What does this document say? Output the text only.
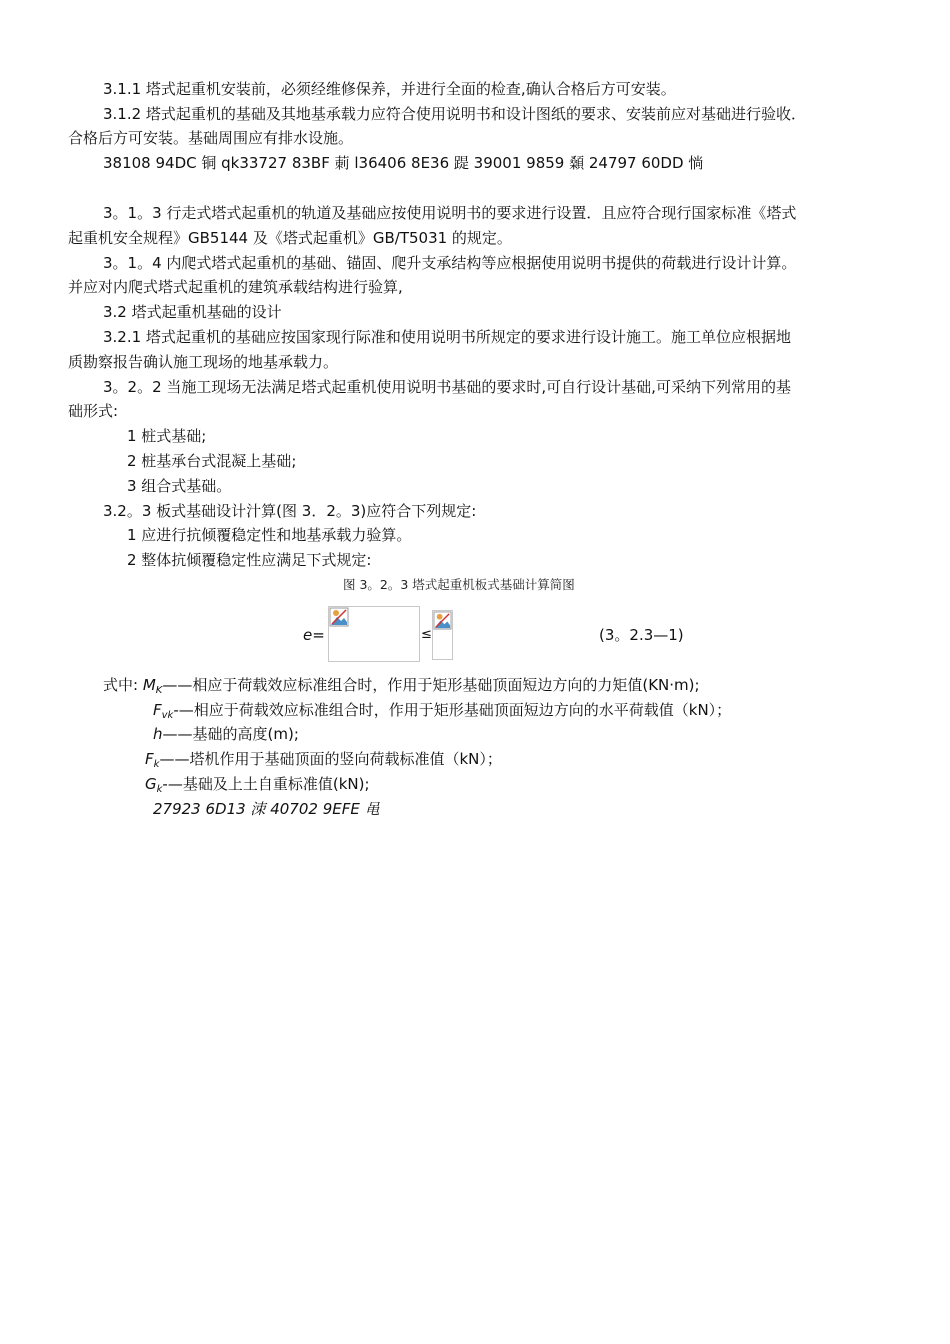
3.1.1 塔式起重机安装前，必须经维修保养，并进行全面的检查,确认合格后方可安装。
3.1.2 塔式起重机的基础及其地基承载力应符合使用说明书和设计图纸的要求、安装前应对基础进行验收．
合格后方可安装。基础周围应有排水设施。
38108 94DC 铜 qk33727 83BF 莿 l36406 8E36 踶 39001 9859 顙 24797 60DD 惝
3。1。3 行走式塔式起重机的轨道及基础应按使用说明书的要求进行设置．且应符合现行国家标准《塔式
起重机安全规程》GB5144 及《塔式起重机》GB/T5031 的规定。
3。1。4 内爬式塔式起重机的基础、锚固、爬升支承结构等应根据使用说明书提供的荷载进行设计计算。
并应对内爬式塔式起重机的建筑承载结构进行验算,
3.2 塔式起重机基础的设计
3.2.1 塔式起重机的基础应按国家现行际准和使用说明书所规定的要求进行设计施工。施工单位应根据地
质勘察报告确认施工现场的地基承载力。
3。2。2 当施工现场无法满足塔式起重机使用说明书基础的要求时,可自行设计基础,可采纳下列常用的基
础形式:
1 桩式基础;
2 桩基承台式混凝上基础;
3 组合式基础。
3.2。3 板式基础设计汁算(图 3．2。3)应符合下列规定:
1 应进行抗倾覆稳定性和地基承载力验算。
2 整体抗倾覆稳定性应满足下式规定:
图 3。2。3 塔式起重机板式基础计算简图
e=	≤	(3。2.3—1)
式中: $M_K——$相应于荷载效应标准组合时，作用于矩形基础顶面短边方向的力矩值(KN·m);
$F_{vk}-—$相应于荷载效应标准组合时，作用于矩形基础顶面短边方向的水平荷载值（kN）；
h——基础的高度(m);
$F_k——$塔机作用于基础顶面的竖向荷载标准值（kN）；
$G_k-—$基础及上土自重标准值(kN);
27923 6D13 洓 40702 9EFE 黾
